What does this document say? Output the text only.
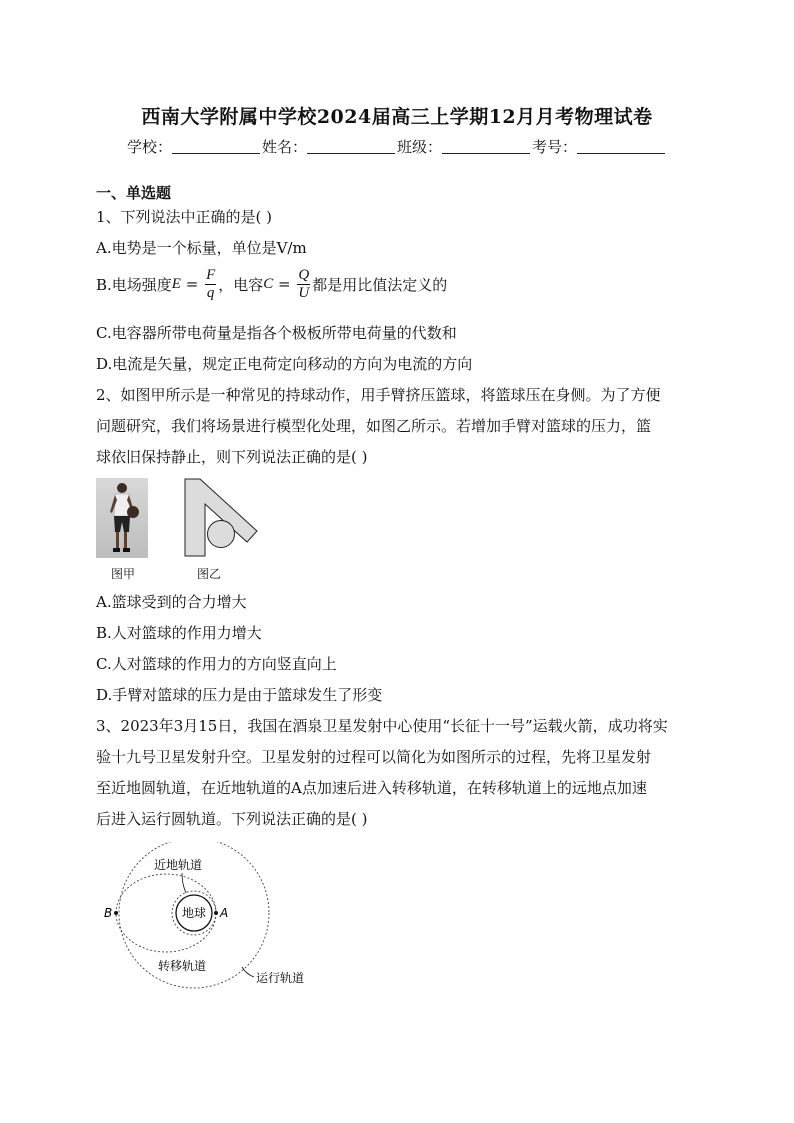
西南大学附属中学校2024届高三上学期12月月考物理试卷
学校：	姓名：	班级：	考号：
一、单选题
1、下列说法中正确的是( )
A.电势是一个标量，单位是V/m
B.电场强度 $E = \frac{F}{q}$ ，电容 $C = \frac{Q}{U}$ 都是用比值法定义的
C.电容器所带电荷量是指各个极板所带电荷量的代数和
D.电流是矢量，规定正电荷定向移动的方向为电流的方向
2、如图甲所示是一种常见的持球动作，用手臂挤压篮球，将篮球压在身侧。为了方便
问题研究，我们将场景进行模型化处理，如图乙所示。若增加手臂对篮球的压力，篮
球依旧保持静止，则下列说法正确的是( )
图甲	图乙
A.篮球受到的合力增大
B.人对篮球的作用力增大
C.人对篮球的作用力的方向竖直向上
D.手臂对篮球的压力是由于篮球发生了形变
3、2023年3月15日，我国在酒泉卫星发射中心使用“长征十一号”运载火箭，成功将实
验十九号卫星发射升空。卫星发射的过程可以简化为如图所示的过程，先将卫星发射
至近地圆轨道，在近地轨道的A点加速后进入转移轨道，在转移轨道上的远地点加速
后进入运行圆轨道。下列说法正确的是( )
地球 A
B
近地轨道
转移轨道
运行轨道
